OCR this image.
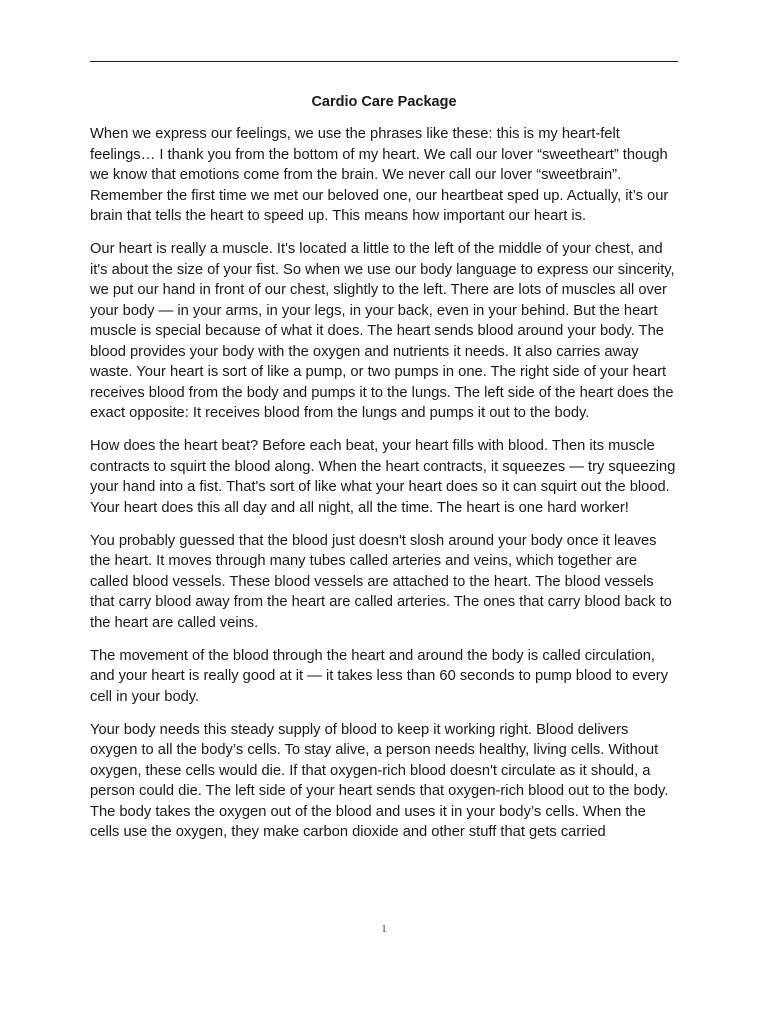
Cardio Care Package

When we express our feelings, we use the phrases like these: this is my heart-felt feelings… I thank you from the bottom of my heart. We call our lover “sweetheart” though we know that emotions come from the brain. We never call our lover “sweetbrain”. Remember the first time we met our beloved one, our heartbeat sped up. Actually, it’s our brain that tells the heart to speed up. This means how important our heart is.

Our heart is really a muscle. It's located a little to the left of the middle of your chest, and it's about the size of your fist. So when we use our body language to express our sincerity, we put our hand in front of our chest, slightly to the left. There are lots of muscles all over your body — in your arms, in your legs, in your back, even in your behind. But the heart muscle is special because of what it does. The heart sends blood around your body. The blood provides your body with the oxygen and nutrients it needs. It also carries away waste. Your heart is sort of like a pump, or two pumps in one. The right side of your heart receives blood from the body and pumps it to the lungs. The left side of the heart does the exact opposite: It receives blood from the lungs and pumps it out to the body.

How does the heart beat? Before each beat, your heart fills with blood. Then its muscle contracts to squirt the blood along. When the heart contracts, it squeezes — try squeezing your hand into a fist. That's sort of like what your heart does so it can squirt out the blood. Your heart does this all day and all night, all the time. The heart is one hard worker!

You probably guessed that the blood just doesn't slosh around your body once it leaves the heart. It moves through many tubes called arteries and veins, which together are called blood vessels. These blood vessels are attached to the heart. The blood vessels that carry blood away from the heart are called arteries. The ones that carry blood back to the heart are called veins.

The movement of the blood through the heart and around the body is called circulation, and your heart is really good at it — it takes less than 60 seconds to pump blood to every cell in your body.

Your body needs this steady supply of blood to keep it working right. Blood delivers oxygen to all the body’s cells. To stay alive, a person needs healthy, living cells. Without oxygen, these cells would die. If that oxygen-rich blood doesn't circulate as it should, a person could die. The left side of your heart sends that oxygen-rich blood out to the body. The body takes the oxygen out of the blood and uses it in your body’s cells. When the cells use the oxygen, they make carbon dioxide and other stuff that gets carried

1
